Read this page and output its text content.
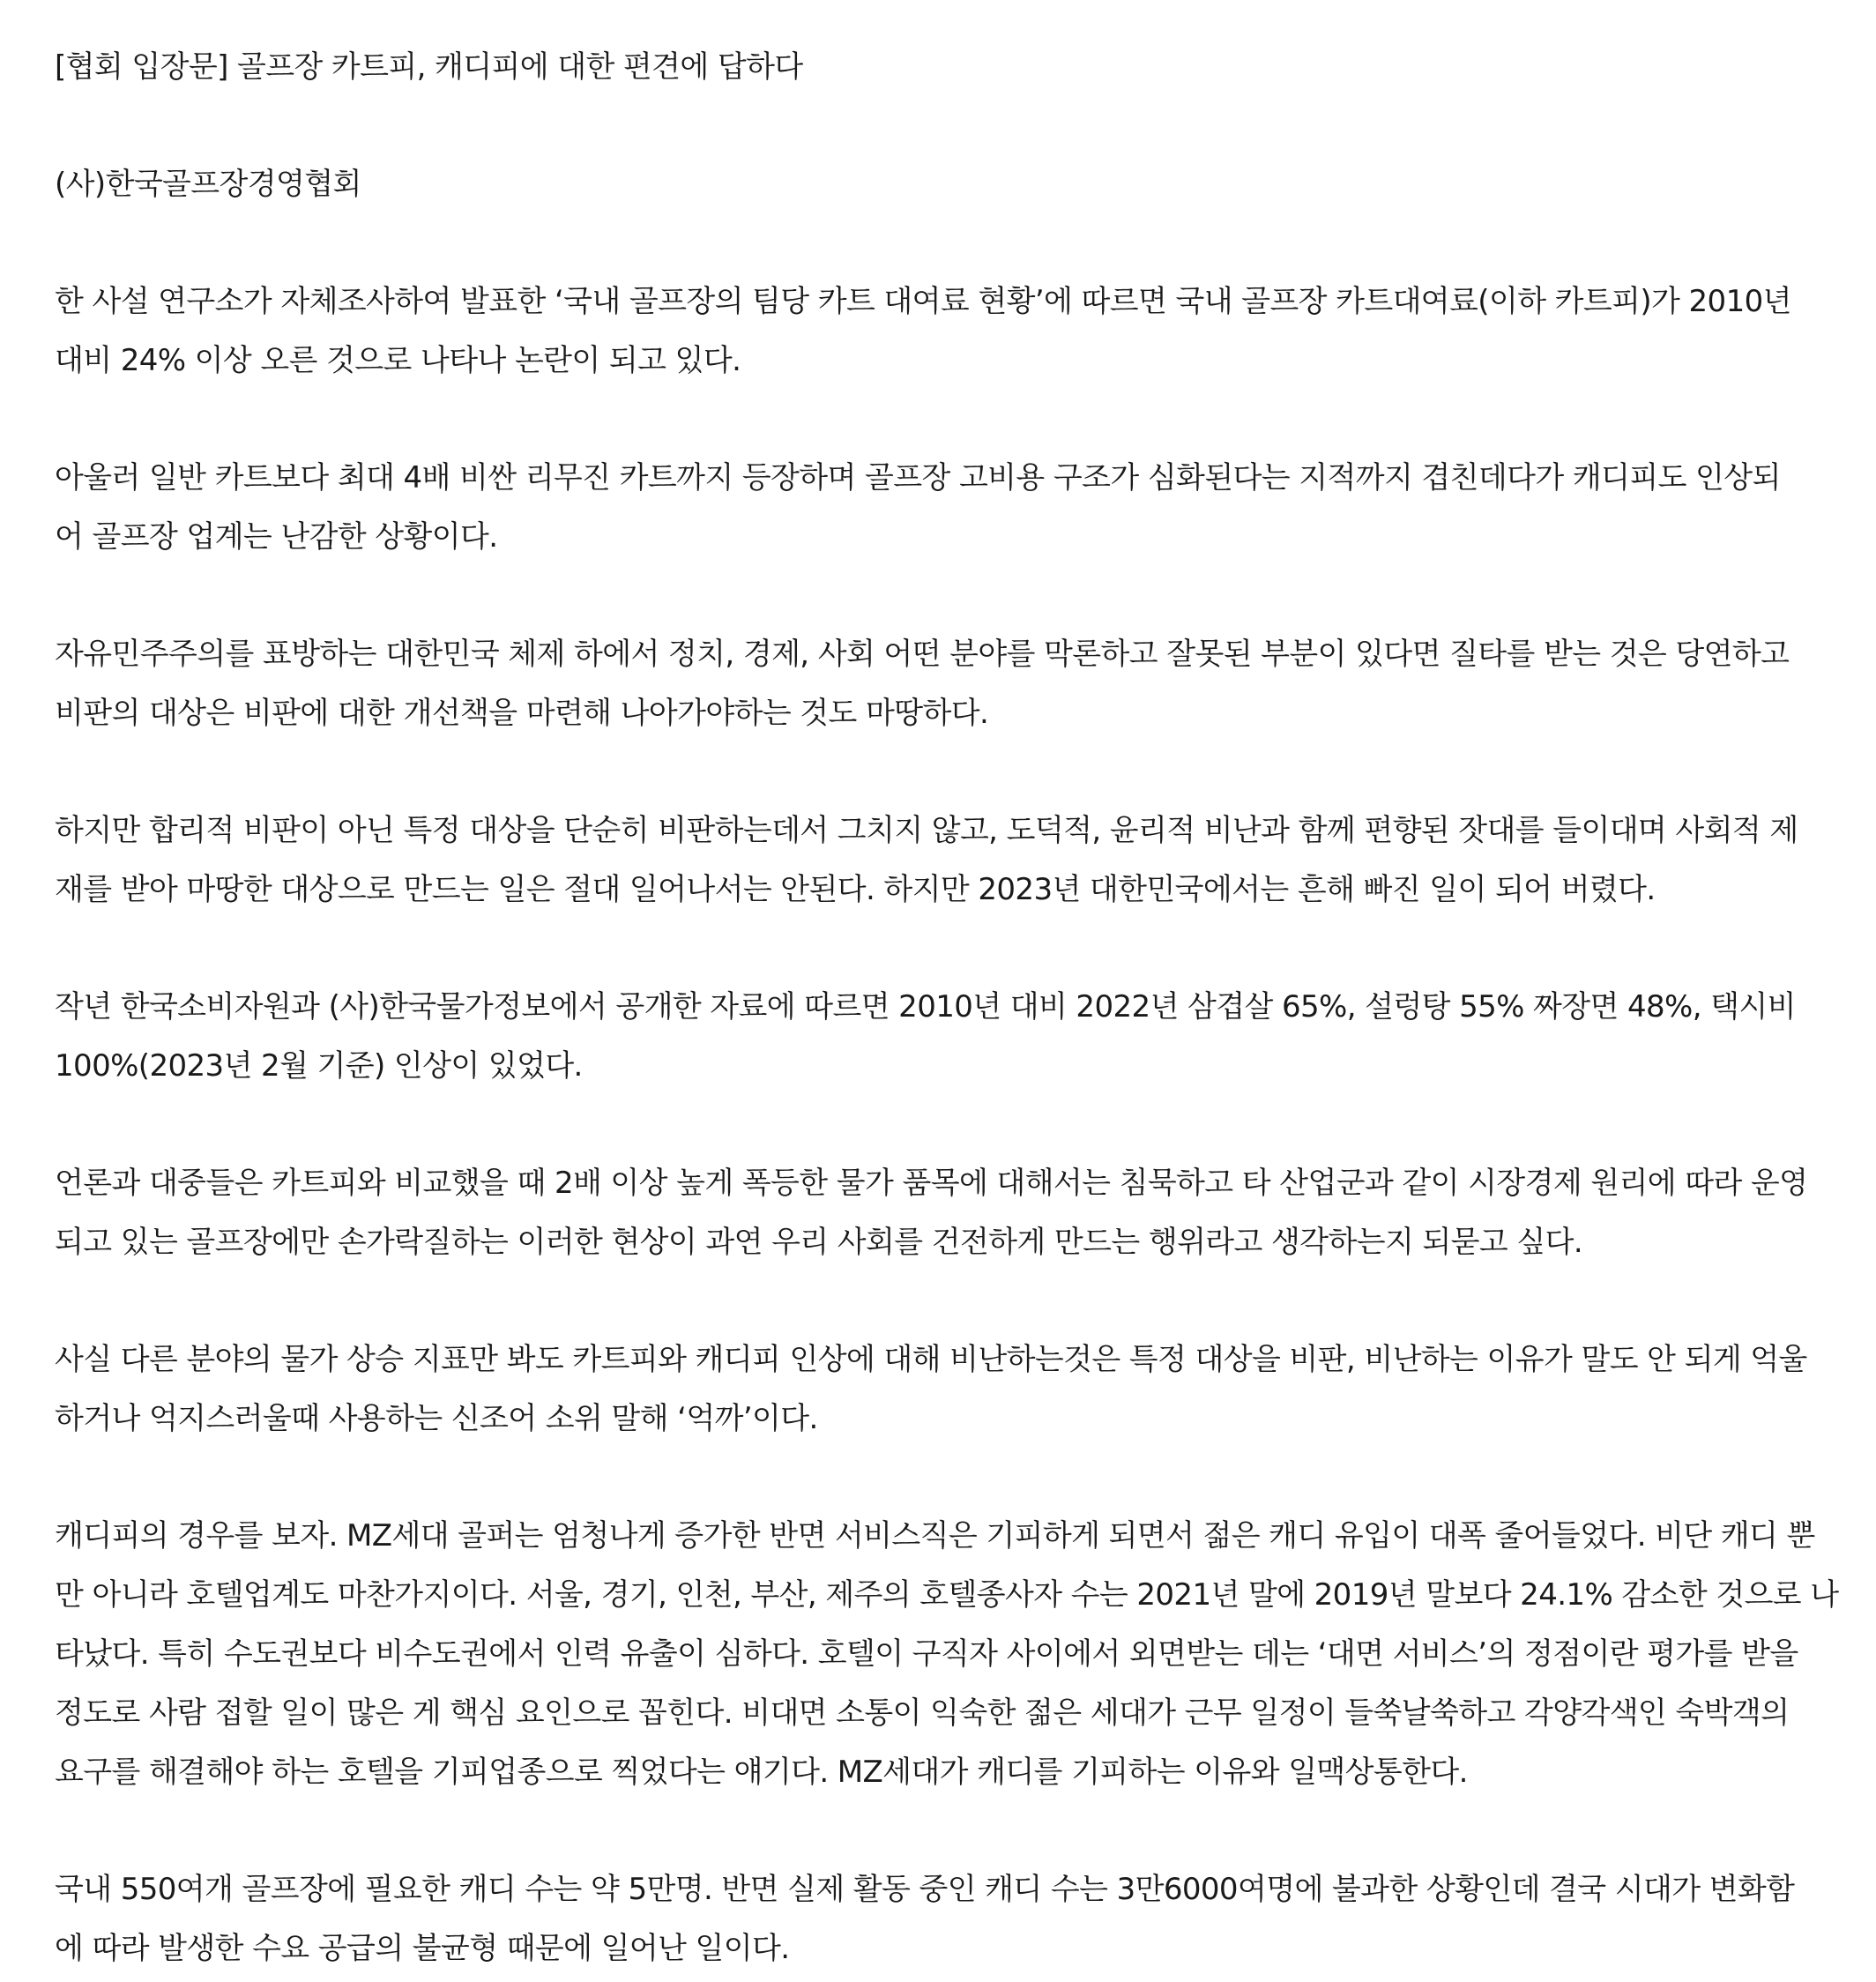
[협회 입장문] 골프장 카트피, 캐디피에 대한 편견에 답하다

(사)한국골프장경영협회

한 사설 연구소가 자체조사하여 발표한 ‘국내 골프장의 팀당 카트 대여료 현황’에 따르면 국내 골프장 카트대여료(이하 카트피)가 2010년
대비 24% 이상 오른 것으로 나타나 논란이 되고 있다.

아울러 일반 카트보다 최대 4배 비싼 리무진 카트까지 등장하며 골프장 고비용 구조가 심화된다는 지적까지 겹친데다가 캐디피도 인상되
어 골프장 업계는 난감한 상황이다.

자유민주주의를 표방하는 대한민국 체제 하에서 정치, 경제, 사회 어떤 분야를 막론하고 잘못된 부분이 있다면 질타를 받는 것은 당연하고
비판의 대상은 비판에 대한 개선책을 마련해 나아가야하는 것도 마땅하다.

하지만 합리적 비판이 아닌 특정 대상을 단순히 비판하는데서 그치지 않고, 도덕적, 윤리적 비난과 함께 편향된 잣대를 들이대며 사회적 제
재를 받아 마땅한 대상으로 만드는 일은 절대 일어나서는 안된다. 하지만 2023년 대한민국에서는 흔해 빠진 일이 되어 버렸다.

작년 한국소비자원과 (사)한국물가정보에서 공개한 자료에 따르면 2010년 대비 2022년 삼겹살 65%, 설렁탕 55% 짜장면 48%, 택시비
100%(2023년 2월 기준) 인상이 있었다.

언론과 대중들은 카트피와 비교했을 때 2배 이상 높게 폭등한 물가 품목에 대해서는 침묵하고 타 산업군과 같이 시장경제 원리에 따라 운영
되고 있는 골프장에만 손가락질하는 이러한 현상이 과연 우리 사회를 건전하게 만드는 행위라고 생각하는지 되묻고 싶다.

사실 다른 분야의 물가 상승 지표만 봐도 카트피와 캐디피 인상에 대해 비난하는것은 특정 대상을 비판, 비난하는 이유가 말도 안 되게 억울
하거나 억지스러울때 사용하는 신조어 소위 말해 ‘억까’이다.

캐디피의 경우를 보자. MZ세대 골퍼는 엄청나게 증가한 반면 서비스직은 기피하게 되면서 젊은 캐디 유입이 대폭 줄어들었다. 비단 캐디 뿐
만 아니라 호텔업계도 마찬가지이다. 서울, 경기, 인천, 부산, 제주의 호텔종사자 수는 2021년 말에 2019년 말보다 24.1% 감소한 것으로 나
타났다. 특히 수도권보다 비수도권에서 인력 유출이 심하다. 호텔이 구직자 사이에서 외면받는 데는 ‘대면 서비스’의 정점이란 평가를 받을
정도로 사람 접할 일이 많은 게 핵심 요인으로 꼽힌다. 비대면 소통이 익숙한 젊은 세대가 근무 일정이 들쑥날쑥하고 각양각색인 숙박객의
요구를 해결해야 하는 호텔을 기피업종으로 찍었다는 얘기다. MZ세대가 캐디를 기피하는 이유와 일맥상통한다.

국내 550여개 골프장에 필요한 캐디 수는 약 5만명. 반면 실제 활동 중인 캐디 수는 3만6000여명에 불과한 상황인데 결국 시대가 변화함
에 따라 발생한 수요 공급의 불균형 때문에 일어난 일이다.
